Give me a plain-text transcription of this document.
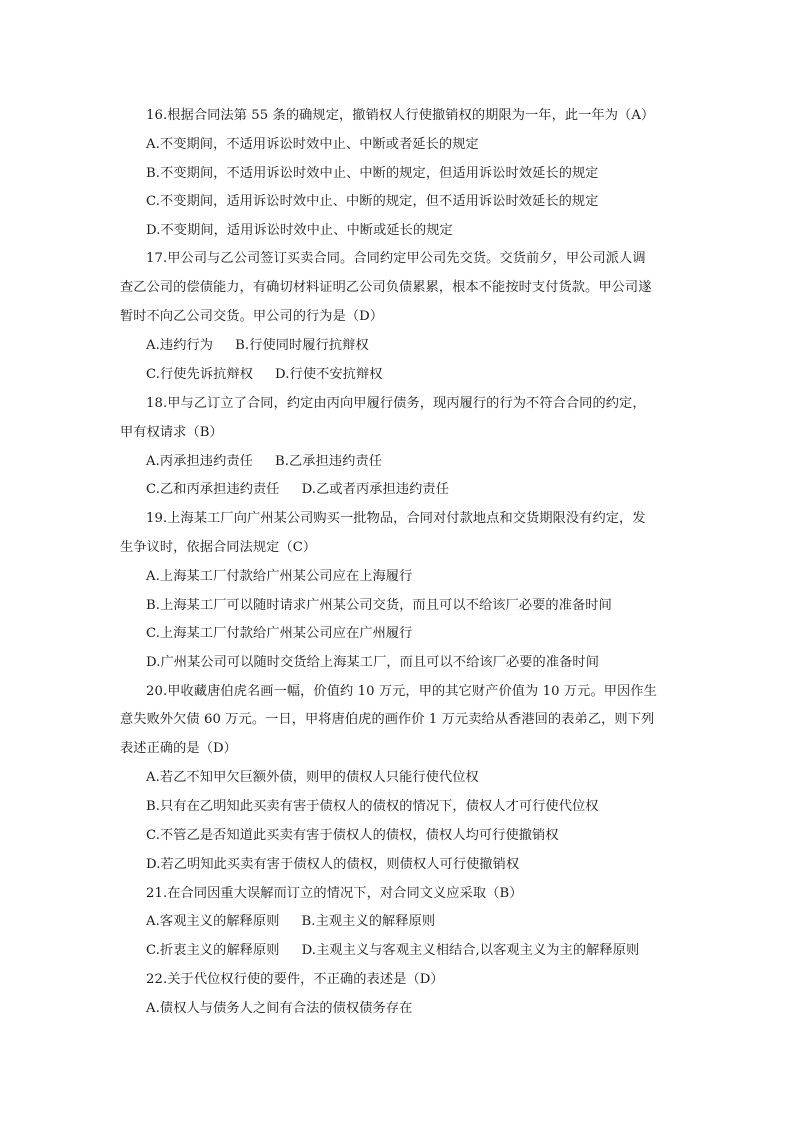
16.根据合同法第 55 条的确规定，撤销权人行使撤销权的期限为一年，此一年为（A）
A.不变期间，不适用诉讼时效中止、中断或者延长的规定
B.不变期间，不适用诉讼时效中止、中断的规定，但适用诉讼时效延长的规定
C.不变期间，适用诉讼时效中止、中断的规定，但不适用诉讼时效延长的规定
D.不变期间，适用诉讼时效中止、中断或延长的规定
17.甲公司与乙公司签订买卖合同。合同约定甲公司先交货。交货前夕，甲公司派人调
查乙公司的偿债能力，有确切材料证明乙公司负债累累，根本不能按时支付货款。甲公司遂
暂时不向乙公司交货。甲公司的行为是（D）
A.违约行为 B.行使同时履行抗辩权
C.行使先诉抗辩权 D.行使不安抗辩权
18.甲与乙订立了合同，约定由丙向甲履行债务，现丙履行的行为不符合合同的约定，
甲有权请求（B）
A.丙承担违约责任 B.乙承担违约责任
C.乙和丙承担违约责任 D.乙或者丙承担违约责任
19.上海某工厂向广州某公司购买一批物品，合同对付款地点和交货期限没有约定，发
生争议时，依据合同法规定（C）
A.上海某工厂付款给广州某公司应在上海履行
B.上海某工厂可以随时请求广州某公司交货，而且可以不给该厂必要的准备时间
C.上海某工厂付款给广州某公司应在广州履行
D.广州某公司可以随时交货给上海某工厂，而且可以不给该厂必要的准备时间
20.甲收藏唐伯虎名画一幅，价值约 10 万元，甲的其它财产价值为 10 万元。甲因作生
意失败外欠债 60 万元。一日，甲将唐伯虎的画作价 1 万元卖给从香港回的表弟乙，则下列
表述正确的是（D）
A.若乙不知甲欠巨额外债，则甲的债权人只能行使代位权
B.只有在乙明知此买卖有害于债权人的债权的情况下，债权人才可行使代位权
C.不管乙是否知道此买卖有害于债权人的债权，债权人均可行使撤销权
D.若乙明知此买卖有害于债权人的债权，则债权人可行使撤销权
21.在合同因重大误解而订立的情况下，对合同文义应采取（B）
A.客观主义的解释原则 B.主观主义的解释原则
C.折衷主义的解释原则 D.主观主义与客观主义相结合,以客观主义为主的解释原则
22.关于代位权行使的要件，不正确的表述是（D）
A.债权人与债务人之间有合法的债权债务存在
